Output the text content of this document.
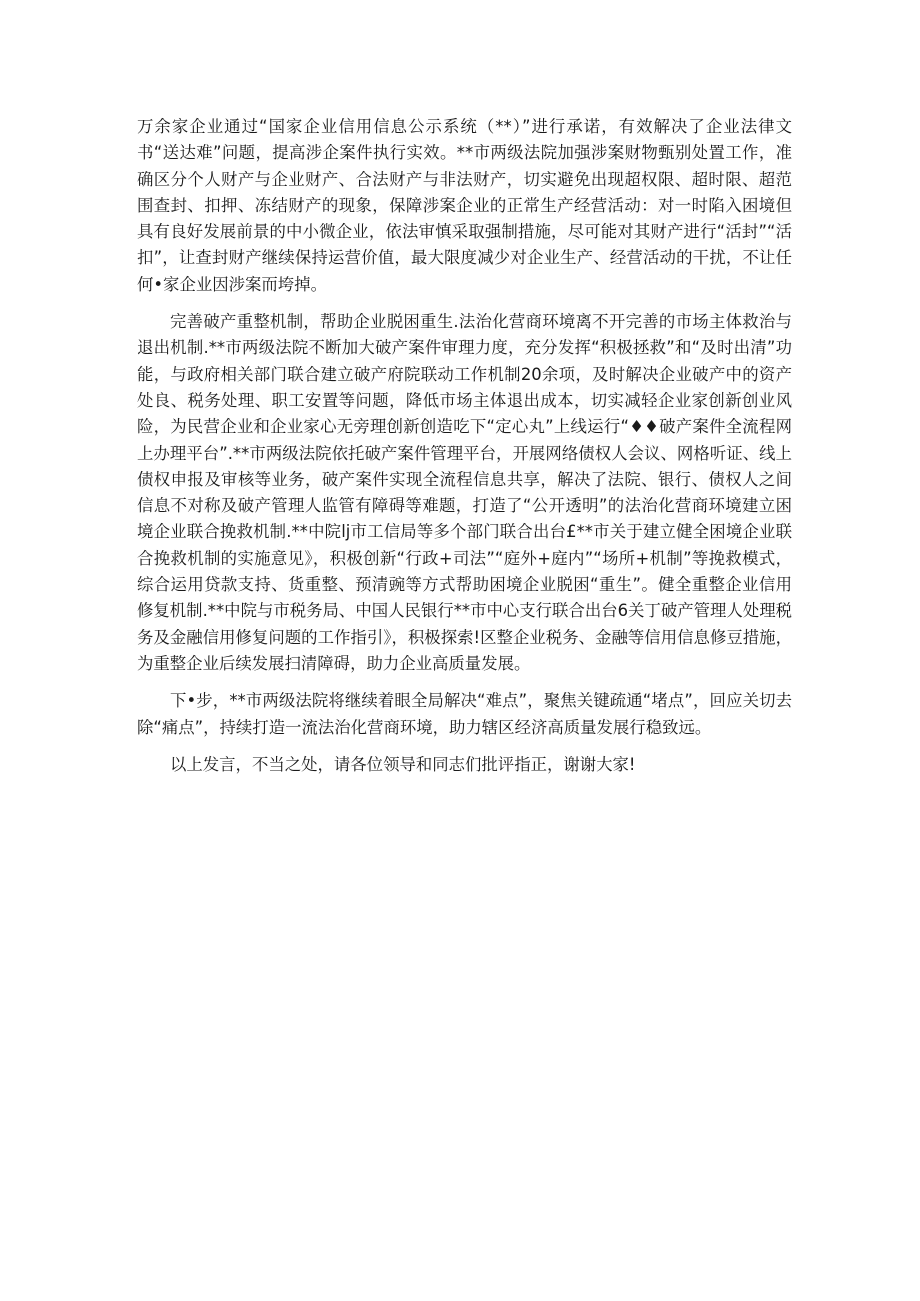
万余家企业通过“国家企业信用信息公示系统（**）”进行承诺，有效解决了企业法律文书“送达难”问题，提高涉企案件执行实效。**市两级法院加强涉案财物甄别处置工作，准确区分个人财产与企业财产、合法财产与非法财产，切实避免出现超权限、超时限、超范围查封、扣押、冻结财产的现象，保障涉案企业的正常生产经营活动：对一时陷入困境但具有良好发展前景的中小微企业，依法审慎采取强制措施，尽可能对其财产进行“活封”“活扣”，让查封财产继续保持运营价值，最大限度减少对企业生产、经营活动的干扰，不让任何•家企业因涉案而垮掉。

完善破产重整机制，帮助企业脱困重生.法治化营商环境离不开完善的市场主体救治与退出机制.**市两级法院不断加大破产案件审理力度，充分发挥“积极拯救”和“及时出清”功能，与政府相关部门联合建立破产府院联动工作机制20余项，及时解决企业破产中的资产处良、税务处理、职工安置等问题，降低市场主体退出成本，切实减轻企业家创新创业风险，为民营企业和企业家心无旁理创新创造吃下“定心丸”上线运行“♦♦破产案件全流程网上办理平台”.**市两级法院依托破产案件管理平台，开展网络债权人会议、网格听证、线上债权申报及审核等业务，破产案件实现全流程信息共享，解决了法院、银行、债权人之间信息不对称及破产管理人监管有障碍等难题，打造了“公开透明”的法治化营商环境建立困境企业联合挽救机制.**中院lj市工信局等多个部门联合出台£**市关于建立健全困境企业联合挽救机制的实施意见》，积极创新“行政+司法”“庭外+庭内”“场所+机制”等挽救模式，综合运用贷款支持、货重整、预清豌等方式帮助困境企业脱困“重生”。健全重整企业信用修复机制.**中院与市税务局、中国人民银行**市中心支行联合出台6关丁破产管理人处理税务及金融信用修复问题的工作指引》，积极探索!区整企业税务、金融等信用信息修豆措施，为重整企业后续发展扫清障碍，助力企业高质量发展。

下•步，**市两级法院将继续着眼全局解决“难点”，聚焦关键疏通“堵点”，回应关切去除“痛点”，持续打造一流法治化营商环境，助力辖区经济高质量发展行稳致远。

以上发言，不当之处，请各位领导和同志们批评指正，谢谢大家!
